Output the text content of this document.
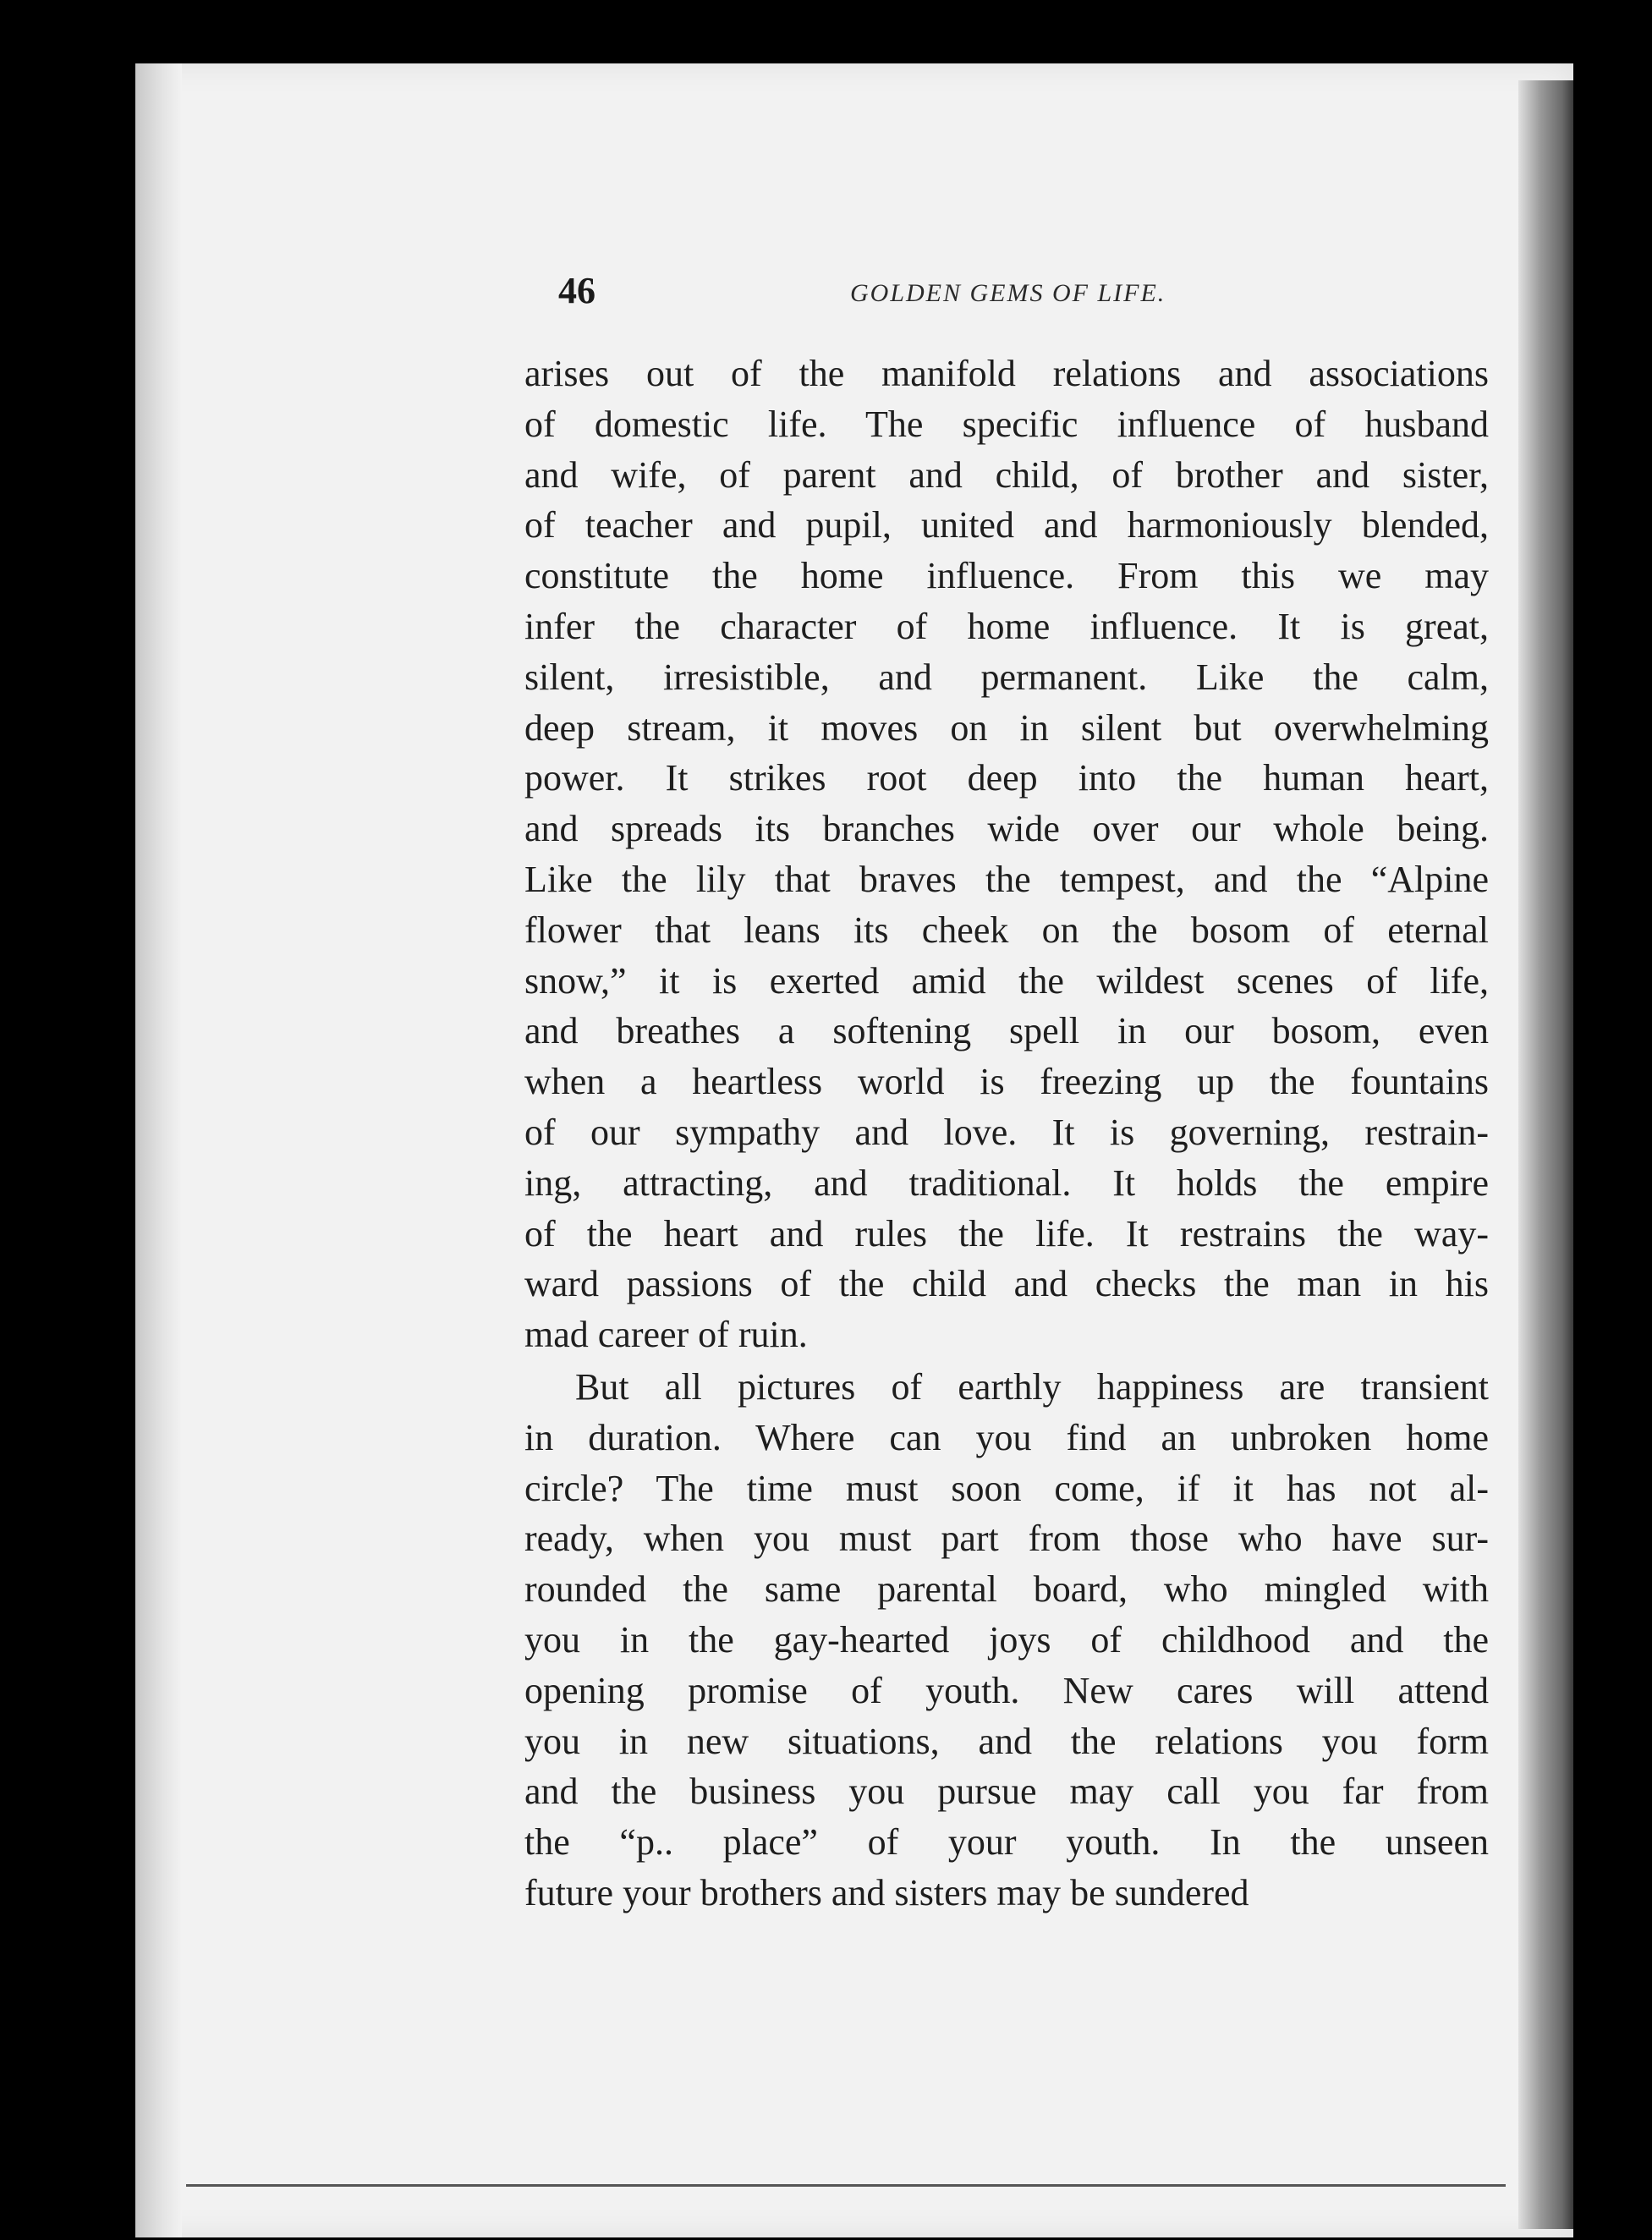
46	GOLDEN GEMS OF LIFE.
arises out of the manifold relations and associations
of domestic life. The specific influence of husband
and wife, of parent and child, of brother and sister,
of teacher and pupil, united and harmoniously blended,
constitute the home influence. From this we may
infer the character of home influence. It is great,
silent, irresistible, and permanent. Like the calm,
deep stream, it moves on in silent but overwhelming
power. It strikes root deep into the human heart,
and spreads its branches wide over our whole being.
Like the lily that braves the tempest, and the “Alpine
flower that leans its cheek on the bosom of eternal
snow,” it is exerted amid the wildest scenes of life,
and breathes a softening spell in our bosom, even
when a heartless world is freezing up the fountains
of our sympathy and love. It is governing, restrain-
ing, attracting, and traditional. It holds the empire
of the heart and rules the life. It restrains the way-
ward passions of the child and checks the man in his
mad career of ruin.
But all pictures of earthly happiness are transient
in duration. Where can you find an unbroken home
circle? The time must soon come, if it has not al-
ready, when you must part from those who have sur-
rounded the same parental board, who mingled with
you in the gay-hearted joys of childhood and the
opening promise of youth. New cares will attend
you in new situations, and the relations you form
and the business you pursue may call you far from
the “p.. place” of your youth. In the unseen
future your brothers and sisters may be sundered
